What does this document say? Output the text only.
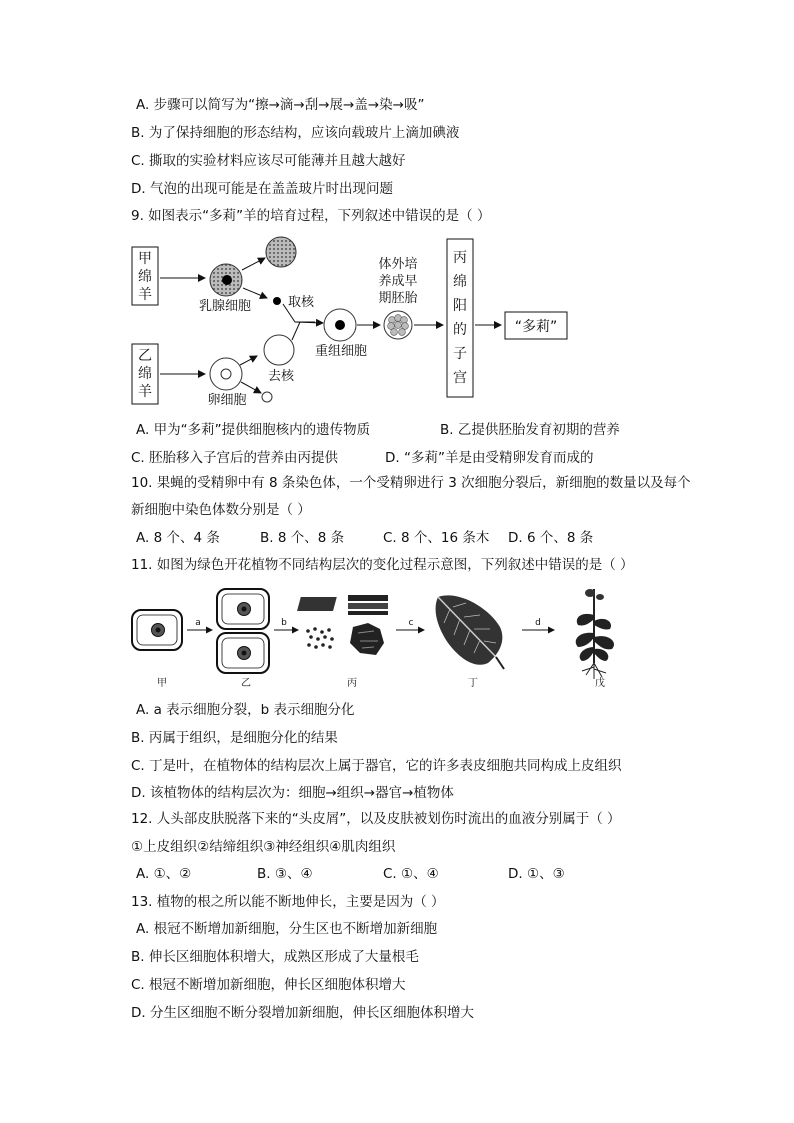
A. 步骤可以简写为“擦→滴→刮→展→盖→染→吸”
B. 为了保持细胞的形态结构，应该向载玻片上滴加碘液
C. 撕取的实验材料应该尽可能薄并且越大越好
D. 气泡的出现可能是在盖盖玻片时出现问题
9. 如图表示“多莉”羊的培育过程，下列叙述中错误的是（ ）
甲
绵
羊
乳腺细胞	取核
乙
绵
羊
卵细胞
去核
重组细胞
体外培
养成早
期胚胎
丙
绵
阳
的
子
宫
“多莉”
A. 甲为“多莉”提供细胞核内的遗传物质	B. 乙提供胚胎发育初期的营养
C. 胚胎移入子宫后的营养由丙提供	D. “多莉”羊是由受精卵发育而成的
10. 果蝇的受精卵中有 8 条染色体，一个受精卵进行 3 次细胞分裂后，新细胞的数量以及每个
新细胞中染色体数分别是（ ）
A. 8 个、4 条	B. 8 个、8 条	C. 8 个、16 条木 D. 6 个、8 条
11. 如图为绿色开花植物不同结构层次的变化过程示意图，下列叙述中错误的是（ ）
a	b	c	d
甲	乙	丙	丁	戊
A. a 表示细胞分裂，b 表示细胞分化
B. 丙属于组织，是细胞分化的结果
C. 丁是叶，在植物体的结构层次上属于器官，它的许多表皮细胞共同构成上皮组织
D. 该植物体的结构层次为：细胞→组织→器官→植物体
12. 人头部皮肤脱落下来的“头皮屑”，以及皮肤被划伤时流出的血液分别属于（ ）
①上皮组织②结缔组织③神经组织④肌肉组织
A. ①、②	B. ③、④	C. ①、④	D. ①、③
13. 植物的根之所以能不断地伸长，主要是因为（ ）
A. 根冠不断增加新细胞，分生区也不断增加新细胞
B. 伸长区细胞体积增大，成熟区形成了大量根毛
C. 根冠不断增加新细胞，伸长区细胞体积增大
D. 分生区细胞不断分裂增加新细胞，伸长区细胞体积增大
